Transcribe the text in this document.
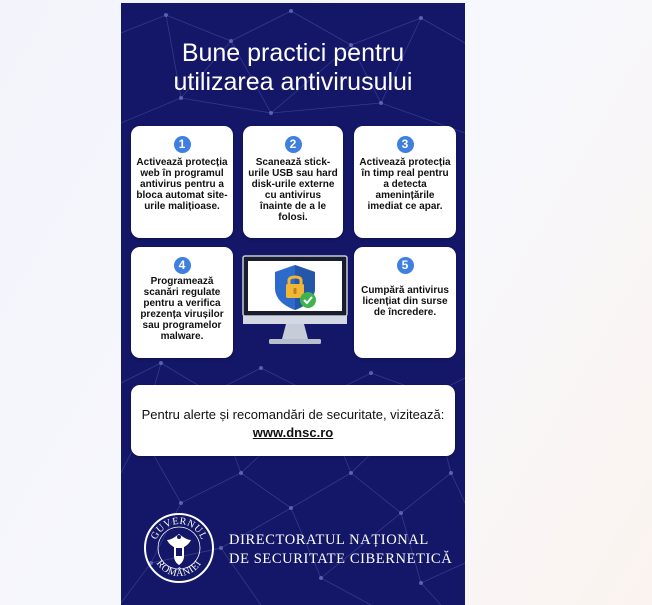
Bune practici pentru utilizarea antivirusului
1
Activează protecția web în programul antivirus pentru a bloca automat site-urile malițioase.
2
Scanează stick-urile USB sau hard disk-urile externe cu antivirus înainte de a le folosi.
3
Activează protecția în timp real pentru a detecta amenințările imediat ce apar.
4
Programează scanări regulate pentru a verifica prezența virușilor sau programelor malware.
5
Cumpără antivirus licențiat din surse de încredere.
Pentru alerte și recomandări de securitate, vizitează:
www.dnsc.ro
GUVERNUL
ROMÂNIEI
DIRECTORATUL NAȚIONAL
DE SECURITATE CIBERNETICĂ
